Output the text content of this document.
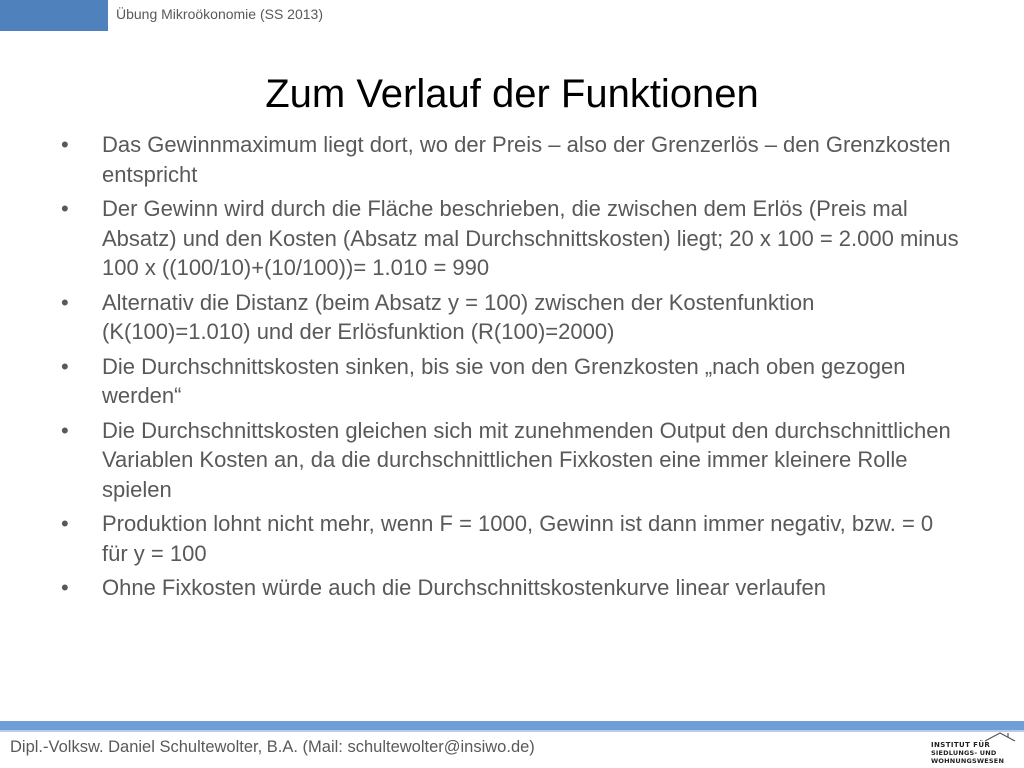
Übung Mikroökonomie (SS 2013)
Zum Verlauf der Funktionen
• Das Gewinnmaximum liegt dort, wo der Preis – also der Grenzerlös – den Grenzkosten entspricht
• Der Gewinn wird durch die Fläche beschrieben, die zwischen dem Erlös (Preis mal Absatz) und den Kosten (Absatz mal Durchschnittskosten) liegt; 20 x 100 = 2.000 minus 100 x ((100/10)+(10/100))= 1.010 = 990
• Alternativ die Distanz (beim Absatz y = 100) zwischen der Kostenfunktion (K(100)=1.010) und der Erlösfunktion (R(100)=2000)
• Die Durchschnittskosten sinken, bis sie von den Grenzkosten „nach oben gezogen werden“
• Die Durchschnittskosten gleichen sich mit zunehmenden Output den durchschnittlichen Variablen Kosten an, da die durchschnittlichen Fixkosten eine immer kleinere Rolle spielen
• Produktion lohnt nicht mehr, wenn F = 1000, Gewinn ist dann immer negativ, bzw. = 0 für y = 100
• Ohne Fixkosten würde auch die Durchschnittskostenkurve linear verlaufen
Dipl.-Volksw. Daniel Schultewolter, B.A. (Mail: schultewolter@insiwo.de)	INSTITUT FÜR
SIEDLUNGS- UND
WOHNUNGSWESEN
